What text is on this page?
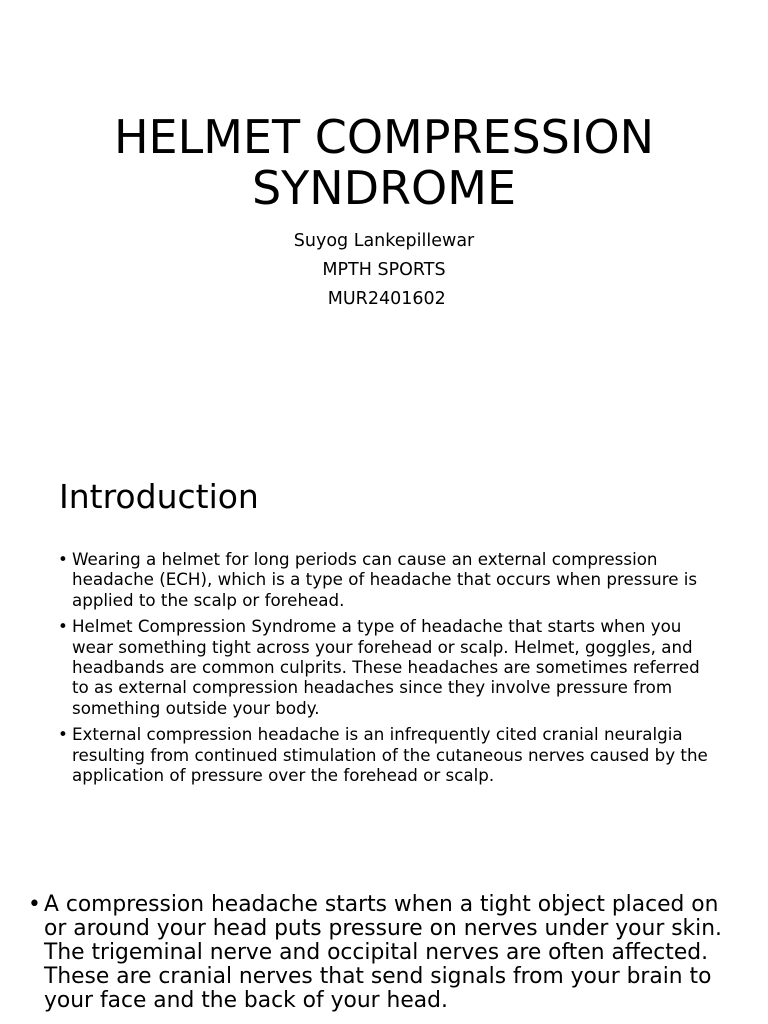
HELMET COMPRESSION SYNDROME
Suyog Lankepillewar
MPTH SPORTS
MUR2401602
Introduction
• Wearing a helmet for long periods can cause an external compression headache (ECH), which is a type of headache that occurs when pressure is applied to the scalp or forehead.
• Helmet Compression Syndrome a type of headache that starts when you wear something tight across your forehead or scalp. Helmet, goggles, and headbands are common culprits. These headaches are sometimes referred to as external compression headaches since they involve pressure from something outside your body.
• External compression headache is an infrequently cited cranial neuralgia resulting from continued stimulation of the cutaneous nerves caused by the application of pressure over the forehead or scalp.
• A compression headache starts when a tight object placed on or around your head puts pressure on nerves under your skin. The trigeminal nerve and occipital nerves are often affected. These are cranial nerves that send signals from your brain to your face and the back of your head.
